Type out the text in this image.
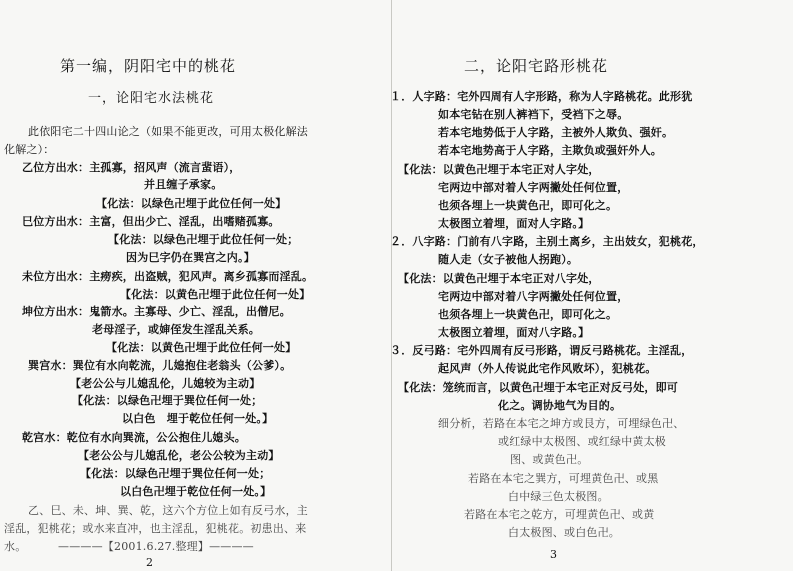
第一编，阴阳宅中的桃花
一，论阳宅水法桃花
此依阳宅二十四山论之（如果不能更改，可用太极化解法
化解之）：
乙位方出水：主孤寡，招风声（流言蜚语），
并且缠子承家。
【化法：以绿色卍埋于此位任何一处】
巳位方出水：主富，但出少亡、淫乱，出嗜赌孤寡。
【化法：以绿色卍埋于此位任何一处；
因为巳字仍在巽宫之内。】
未位方出水：主痨疾，出盗贼，犯风声。离乡孤寡而淫乱。
【化法：以黄色卍埋于此位任何一处】
坤位方出水：鬼箭水。主寡母、少亡、淫乱，出僧尼。
老母淫子，或婶侄发生淫乱关系。
【化法：以黄色卍埋于此位任何一处】
巽宫水：巽位有水向乾流，儿媳抱住老翁头（公爹）。
【老公公与儿媳乱伦，儿媳较为主动】
【化法：以绿色卍埋于巽位任何一处；
以白色　埋于乾位任何一处。】
乾宫水：乾位有水向巽流，公公抱住儿媳头。
【老公公与儿媳乱伦，老公公较为主动】
【化法：以绿色卍埋于巽位任何一处；
以白色卍埋于乾位任何一处。】
乙、巳、未、坤、巽、乾，这六个方位上如有反弓水，主
淫乱，犯桃花；或水来直冲，也主淫乱，犯桃花。初患出、来
水。	————【2001.6.27.整理】————
2
二，论阳宅路形桃花
１．人字路：宅外四周有人字形路，称为人字路桃花。此形犹
如本宅钻在别人裤裆下，受裆下之辱。
若本宅地势低于人字路，主被外人欺负、强奸。
若本宅地势高于人字路，主欺负或强奸外人。
【化法：以黄色卍埋于本宅正对人字处，
宅两边中部对着人字两撇处任何位置，
也须各埋上一块黄色卍，即可化之。
太极图立着埋，面对人字路。】
２．八字路：门前有八字路，主别土离乡，主出妓女，犯桃花，
随人走（女子被他人拐跑）。
【化法：以黄色卍埋于本宅正对八字处，
宅两边中部对着八字两撇处任何位置，
也须各埋上一块黄色卍，即可化之。
太极图立着埋，面对八字路。】
３．反弓路：宅外四周有反弓形路，谓反弓路桃花。主淫乱，
起风声（外人传说此宅作风败坏），犯桃花。
【化法：笼统而言，以黄色卍埋于本宅正对反弓处，即可
化之。调协地气为目的。
细分析，若路在本宅之坤方或艮方，可埋绿色卍、
或红绿中太极图、或红绿中黄太极
图、或黄色卍。
若路在本宅之巽方，可埋黄色卍、或黑
白中绿三色太极图。
若路在本宅之乾方，可埋黄色卍、或黄
白太极图、或白色卍。
3
